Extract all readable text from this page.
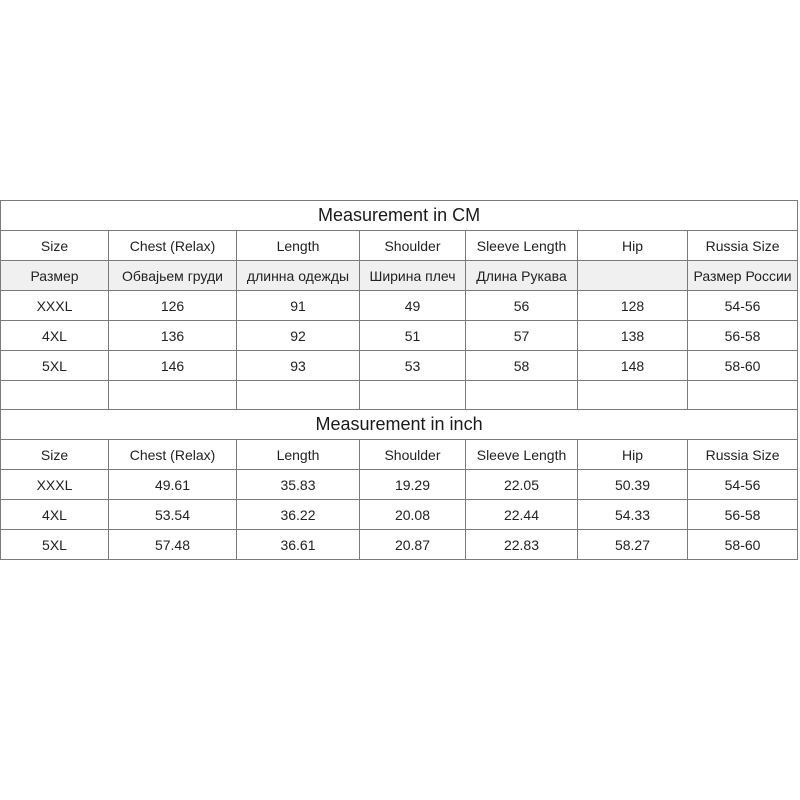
Measurement in CM						
Size	Chest (Relax)	Length	Shoulder	Sleeve Length	Hip	Russia Size
Размер	Обвајьем груди	длинна одежды	Ширина плеч	Длина Рукава		Размер России
XXXL	126	91	49	56	128	54-56
4XL	136	92	51	57	138	56-58
5XL	146	93	53	58	148	58-60

Measurement in inch						
Size	Chest (Relax)	Length	Shoulder	Sleeve Length	Hip	Russia Size
XXXL	49.61	35.83	19.29	22.05	50.39	54-56
4XL	53.54	36.22	20.08	22.44	54.33	56-58
5XL	57.48	36.61	20.87	22.83	58.27	58-60
